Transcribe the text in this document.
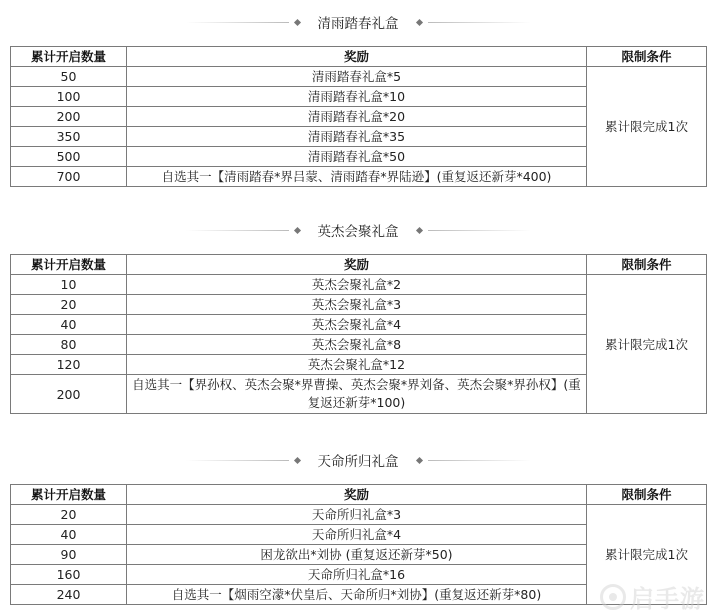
清雨踏春礼盒
累计开启数量	奖励	限制条件
50	清雨踏春礼盒*5	累计限完成1次
100	清雨踏春礼盒*10	
200	清雨踏春礼盒*20	
350	清雨踏春礼盒*35	
500	清雨踏春礼盒*50	
700	自选其一【清雨踏春*界吕蒙、清雨踏春*界陆逊】(重复返还新芽*400)	
英杰会聚礼盒
累计开启数量	奖励	限制条件
10	英杰会聚礼盒*2	累计限完成1次
20	英杰会聚礼盒*3	
40	英杰会聚礼盒*4	
80	英杰会聚礼盒*8	
120	英杰会聚礼盒*12	
200	自选其一【界孙权、英杰会聚*界曹操、英杰会聚*界刘备、英杰会聚*界孙权】(重复返还新芽*100)	
天命所归礼盒
累计开启数量	奖励	限制条件
20	天命所归礼盒*3	累计限完成1次
40	天命所归礼盒*4	
90	困龙欲出*刘协 (重复返还新芽*50)	
160	天命所归礼盒*16	
240	自选其一【烟雨空濛*伏皇后、天命所归*刘协】(重复返还新芽*80)		启手游
